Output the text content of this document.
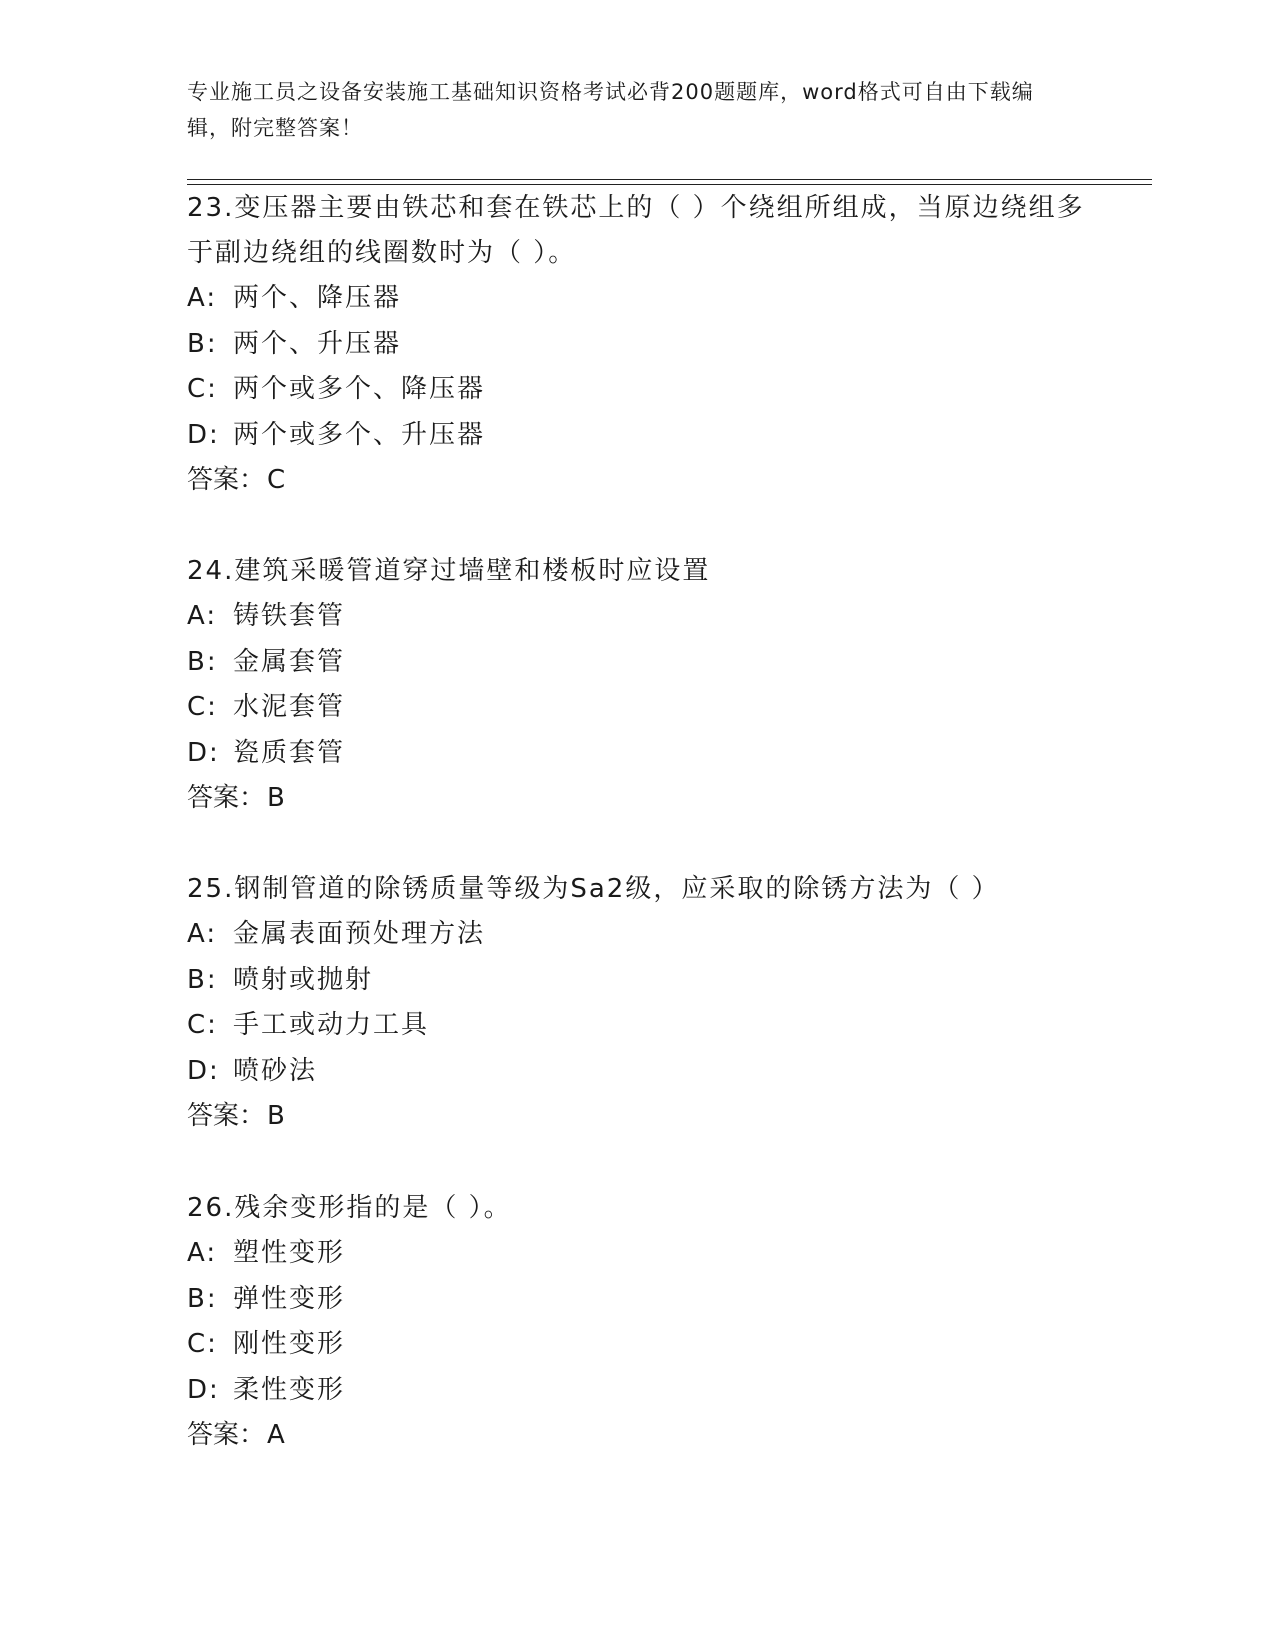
专业施工员之设备安装施工基础知识资格考试必背200题题库，word格式可自由下载编辑，附完整答案！

23.变压器主要由铁芯和套在铁芯上的（ ）个绕组所组成，当原边绕组多于副边绕组的线圈数时为（ ）。

A: 两个、降压器

B: 两个、升压器

C: 两个或多个、降压器

D: 两个或多个、升压器

答案： C

24.建筑采暖管道穿过墙壁和楼板时应设置

A: 铸铁套管

B: 金属套管

C: 水泥套管

D: 瓷质套管

答案： B

25.钢制管道的除锈质量等级为Sa2级，应采取的除锈方法为（ ）

A: 金属表面预处理方法

B: 喷射或抛射

C: 手工或动力工具

D: 喷砂法

答案： B

26.残余变形指的是（ ）。

A: 塑性变形

B: 弹性变形

C: 刚性变形

D: 柔性变形

答案： A
